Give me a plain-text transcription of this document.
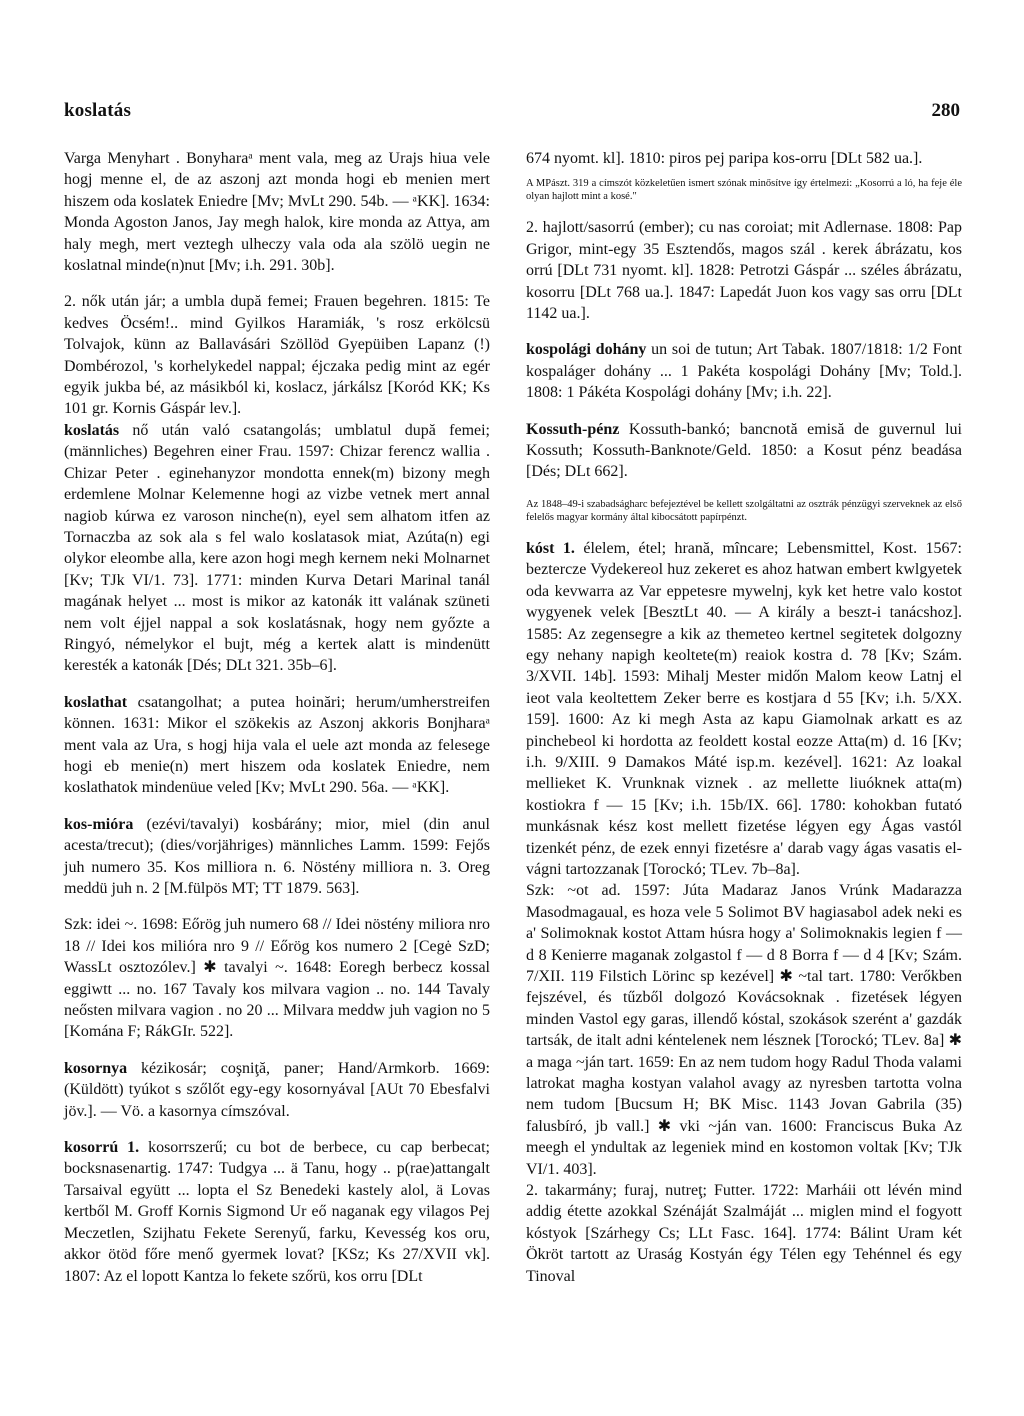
koslatás	280

Varga Menyhart . Bonyharaᵃ ment vala, meg az Urajs hiua vele hogj menne el, de az aszonj azt monda hogi eb menien mert hiszem oda koslatek Eniedre [Mv; MvLt 290. 54b. — ᵃKK]. 1634: Monda Agoston Janos, Jay megh halok, kire monda az Attya, am haly megh, mert veztegh ulheczy vala oda ala szölö uegin ne koslatnal minde(n)nut [Mv; i.h. 291. 30b].

2. nők után jár; a umbla după femei; Frauen begehren. 1815: Te kedves Öcsém!.. mind Gyilkos Haramiák, 's rosz erkölcsü Tolvajok, künn az Ballavásári Szöllöd Gyepüiben Lapanz (!) Dombérozol, 's korhelykedel nappal; éjczaka pedig mint az egér egyik jukba bé, az másikból ki, koslacz, járkálsz [Koród KK; Ks 101 gr. Kornis Gáspár lev.].

koslatás nő után való csatangolás; umblatul după femei; (männliches) Begehren einer Frau. 1597: Chizar ferencz wallia . Chizar Peter . eginehanyzor mondotta ennek(m) bizony megh erdemlene Molnar Kelemenne hogi az vizbe vetnek mert annal nagiob kúrwa ez varoson ninche(n), eyel sem alhatom itfen az Tornaczba az sok ala s fel walo koslatasok miat, Azúta(n) egi olykor eleombe alla, kere azon hogi megh kernem neki Molnarnet [Kv; TJk VI/1. 73]. 1771: minden Kurva Detari Marinal tanál magának helyet ... most is mikor az katonák itt valának szüneti nem volt éjjel nappal a sok koslatásnak, hogy nem győzte a Ringyó, némelykor el bujt, még a kertek alatt is mindenütt keresték a katonák [Dés; DLt 321. 35b–6].

koslathat csatangolhat; a putea hoinări; herum/umherstreifen können. 1631: Mikor el szökekis az Aszonj akkoris Bonjharaᵃ ment vala az Ura, s hogj hija vala el uele azt monda az felesege hogi eb menie(n) mert hiszem oda koslatek Eniedre, nem koslathatok mindenüue veled [Kv; MvLt 290. 56a. — ᵃKK].

kos-mióra (ezévi/tavalyi) kosbárány; mior, miel (din anul acesta/trecut); (dies/vorjähriges) männliches Lamm. 1599: Fejős juh numero 35. Kos milliora n. 6. Nöstény milliora n. 3. Oreg meddü juh n. 2 [M.fülpös MT; TT 1879. 563].

Szk: idei ~. 1698: Eőrög juh numero 68 // Idei nöstény miliora nro 18 // Idei kos milióra nro 9 // Eőrög kos numero 2 [Cegė SzD; WassLt osztozólev.] ✱ tavalyi ~. 1648: Eoregh berbecz kossal eggiwtt ... no. 167 Tavaly kos milvara vagion .. no. 144 Tavaly neősten milvara vagion . no 20 ... Milvara meddw juh vagion no 5 [Komána F; RákGIr. 522].

kosornya kézikosár; coşniţă, paner; Hand/Armkorb. 1669: (Küldött) tyúkot s szőlőt egy-egy kosornyával [AUt 70 Ebesfalvi jöv.]. — Vö. a kasornya címszóval.

kosorrú 1. kosorrszerű; cu bot de berbece, cu cap berbecat; bocksnasenartig. 1747: Tudgya ... ä Tanu, hogy .. p(rae)attangalt Tarsaival együtt ... lopta el Sz Benedeki kastely alol, ä Lovas kertből M. Groff Kornis Sigmond Ur eő naganak egy vilagos Pej Meczetlen, Szijhatu Fekete Serenyű, farku, Kevesség kos oru, akkor ötöd főre menő gyermek lovat? [KSz; Ks 27/XVII vk]. 1807: Az el lopott Kantza lo fekete szőrü, kos orru [DLt

674 nyomt. kl]. 1810: piros pej paripa kos-orru [DLt 582 ua.].

A MPászt. 319 a címszót közkeletűen ismert szónak minősítve így értelmezi: „Kosorrú a ló, ha feje éle olyan hajlott mint a kosé."

2. hajlott/sasorrú (ember); cu nas coroiat; mit Adlernase. 1808: Pap Grigor, mint-egy 35 Esztendős, magos szál . kerek ábrázatu, kos orrú [DLt 731 nyomt. kl]. 1828: Petrotzi Gáspár ... széles ábrázatu, kosorru [DLt 768 ua.]. 1847: Lapedát Juon kos vagy sas orru [DLt 1142 ua.].

kospolági dohány un soi de tutun; Art Tabak. 1807/1818: 1/2 Font kospaláger dohány ... 1 Pakéta kospolági Dohány [Mv; Told.]. 1808: 1 Pákéta Kospolági dohány [Mv; i.h. 22].

Kossuth-pénz Kossuth-bankó; bancnotă emisă de guvernul lui Kossuth; Kossuth-Banknote/Geld. 1850: a Kosut pénz beadása [Dés; DLt 662].

Az 1848–49-i szabadságharc befejeztével be kellett szolgáltatni az osztrák pénzügyi szerveknek az első felelős magyar kormány által kibocsátott papírpénzt.

kóst 1. élelem, étel; hrană, mîncare; Lebensmittel, Kost. 1567: beztercze Vydekereol huz zekeret es ahoz hatwan embert kwlgyetek oda kevwarra az Var eppetesre mywelnj, kyk ket hetre valo kostot wygyenek velek [BesztLt 40. — A király a beszt-i tanácshoz]. 1585: Az zegensegre a kik az themeteo kertnel segitetek dolgozny egy nehany napigh keoltete(m) reaiok kostra d. 78 [Kv; Szám. 3/XVII. 14b]. 1593: Mihalj Mester midőn Malom keow Latnj el ieot vala keoltettem Zeker berre es kostjara d 55 [Kv; i.h. 5/XX. 159]. 1600: Az ki megh Asta az kapu Giamolnak arkatt es az pinchebeol ki hordotta az feoldett kostal eozze Atta(m) d. 16 [Kv; i.h. 9/XIII. 9 Damakos Máté isp.m. kezével]. 1621: Az loakal mellieket K. Vrunknak viznek . az mellette liuóknek atta(m) kostiokra f — 15 [Kv; i.h. 15b/IX. 66]. 1780: kohokban futató munkásnak kész kost mellett fizetése légyen egy Ágas vastól tizenkét pénz, de ezek ennyi fizetésre a' darab vagy ágas vasatis el-vágni tartozzanak [Torockó; TLev. 7b–8a].

Szk: ~ot ad. 1597: Júta Madaraz Janos Vrúnk Madarazza Masodmagaual, es hoza vele 5 Solimot BV hagiasabol adek neki es a' Solimoknak kostot Attam húsra hogy a' Solimoknakis legien f — d 8 Kenierre maganak zolgastol f — d 8 Borra f — d 4 [Kv; Szám. 7/XII. 119 Filstich Lörinc sp kezével] ✱ ~tal tart. 1780: Verőkben fejszével, és tűzből dolgozó Kovácsoknak . fizetések légyen minden Vastol egy garas, illendő kóstal, szokások szerént a' gazdák tartsák, de italt adni kéntelenek nem lésznek [Torockó; TLev. 8a] ✱ a maga ~ján tart. 1659: En az nem tudom hogy Radul Thoda valami latrokat magha kostyan valahol avagy az nyresben tartotta volna nem tudom [Bucsum H; BK Misc. 1143 Jovan Gabrila (35) falusbíró, jb vall.] ✱ vki ~ján van. 1600: Franciscus Buka Az meegh el yndultak az legeniek mind en kostomon voltak [Kv; TJk VI/1. 403].

2. takarmány; furaj, nutreţ; Futter. 1722: Marháii ott lévén mind addig étette azokkal Szénáját Szalmáját ... miglen mind el fogyott kóstyok [Szárhegy Cs; LLt Fasc. 164]. 1774: Bálint Uram két Ökröt tartott az Uraság Kostyán égy Télen egy Tehénnel és egy Tinoval
